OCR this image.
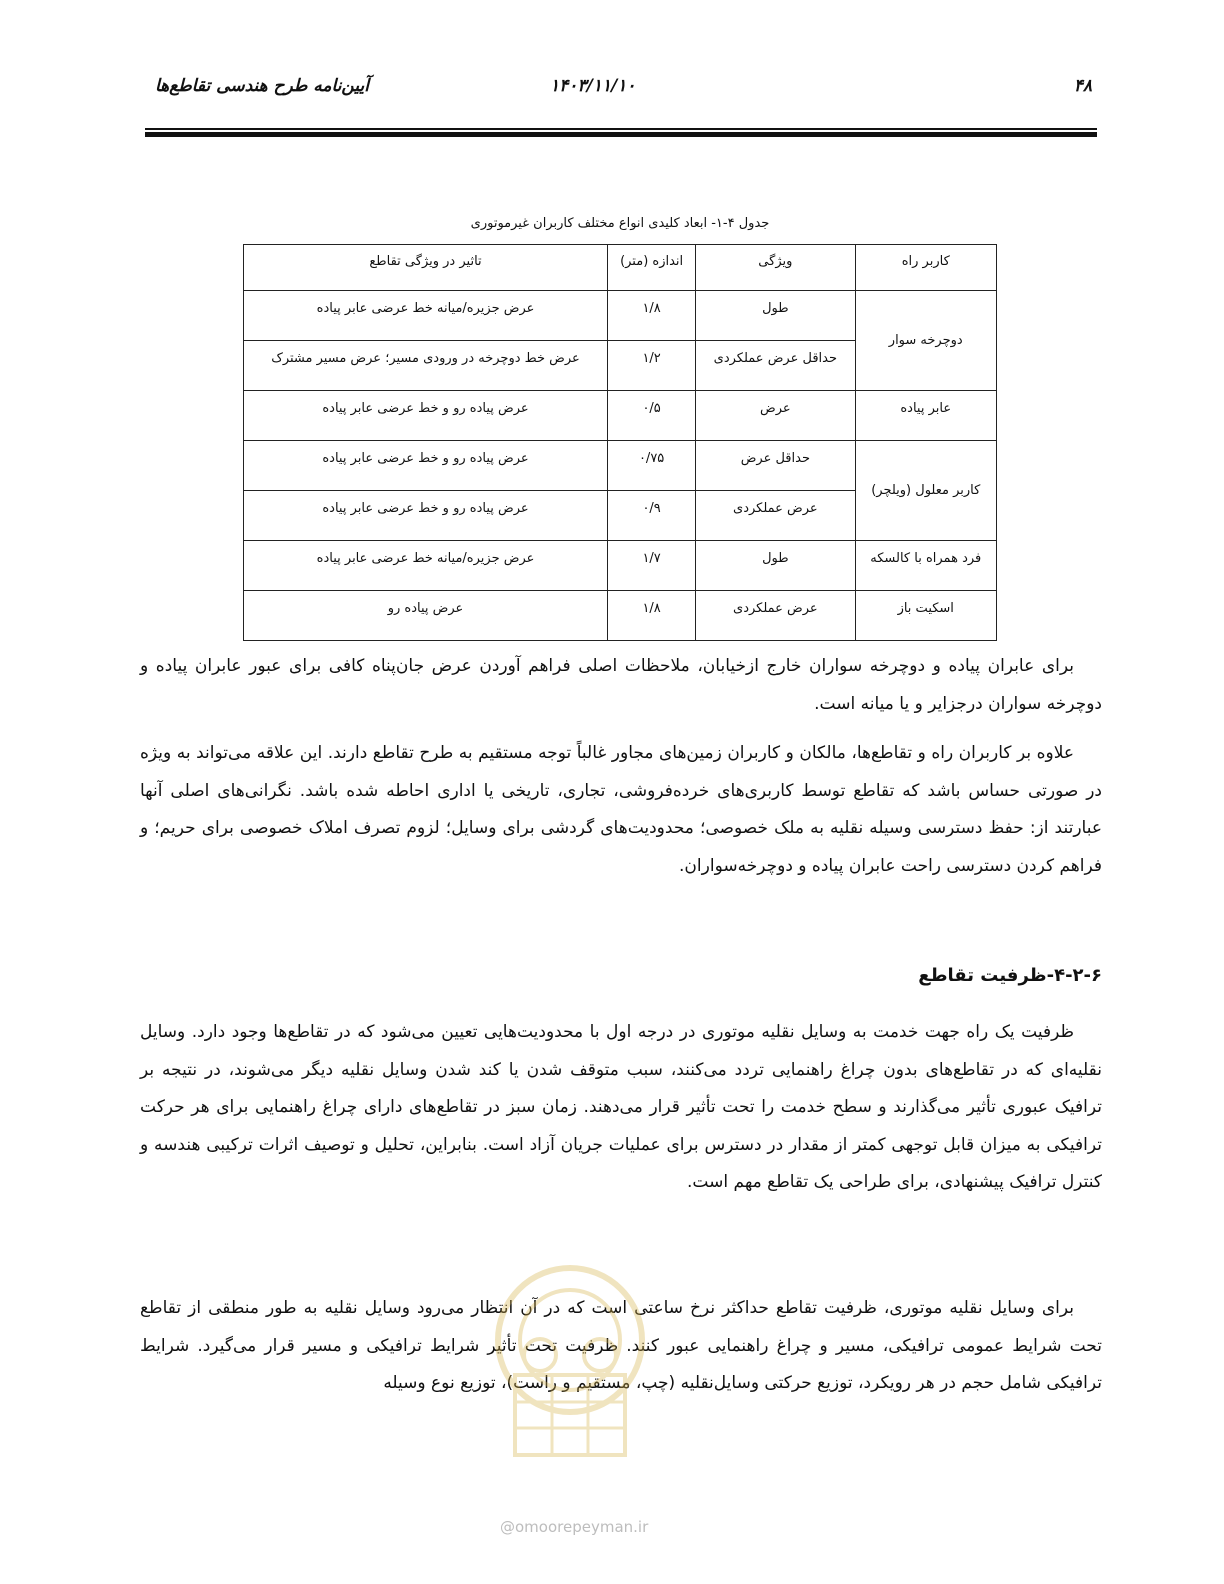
آیین‌نامه طرح هندسی تقاطع‌ها	۱۴۰۳/۱۱/۱۰	۴۸
جدول ۴-۱- ابعاد کلیدی انواع مختلف کاربران غیرموتوری
کاربر راه	ویژگی	اندازه (متر)	تاثیر در ویژگی تقاطع
دوچرخه سوار	طول	۱/۸	عرض جزیره/میانه خط عرضی عابر پیاده
	حداقل عرض عملکردی	۱/۲	عرض خط دوچرخه در ورودی مسیر؛ عرض مسیر مشترک
عابر پیاده	عرض	۰/۵	عرض پیاده رو و خط عرضی عابر پیاده
کاربر معلول (ویلچر)	حداقل عرض	۰/۷۵	عرض پیاده رو و خط عرضی عابر پیاده
	عرض عملکردی	۰/۹	عرض پیاده رو و خط عرضی عابر پیاده
فرد همراه با کالسکه	طول	۱/۷	عرض جزیره/میانه خط عرضی عابر پیاده
اسکیت باز	عرض عملکردی	۱/۸	عرض پیاده رو

برای عابران پیاده و دوچرخه سواران خارج ازخیابان، ملاحظات اصلی فراهم آوردن عرض جان‌پناه کافی برای عبور عابران پیاده و دوچرخه سواران درجزایر و یا میانه است.

علاوه بر کاربران راه و تقاطع‌ها، مالکان و کاربران زمین‌های مجاور غالباً توجه مستقیم به طرح تقاطع دارند. این علاقه می‌تواند به ویژه در صورتی حساس باشد که تقاطع توسط کاربری‌های خرده‌فروشی، تجاری، تاریخی یا اداری احاطه شده باشد. نگرانی‌های اصلی آنها عبارتند از: حفظ دسترسی وسیله نقلیه به ملک خصوصی؛ محدودیت‌های گردشی برای وسایل؛ لزوم تصرف املاک خصوصی برای حریم؛ و فراهم کردن دسترسی راحت عابران پیاده و دوچرخه‌سواران.

۴-۲-۶-ظرفیت تقاطع

ظرفیت یک راه جهت خدمت به وسایل نقلیه موتوری در درجه اول با محدودیت‌هایی تعیین می‌شود که در تقاطع‌ها وجود دارد. وسایل نقلیه‌ای که در تقاطع‌های بدون چراغ راهنمایی تردد می‌کنند، سبب متوقف شدن یا کند شدن وسایل نقلیه دیگر می‌شوند، در نتیجه بر ترافیک عبوری تأثیر می‌گذارند و سطح خدمت را تحت تأثیر قرار می‌دهند. زمان سبز در تقاطع‌های دارای چراغ راهنمایی برای هر حرکت ترافیکی به میزان قابل توجهی کمتر از مقدار در دسترس برای عملیات جریان آزاد است. بنابراین، تحلیل و توصیف اثرات ترکیبی هندسه و کنترل ترافیک پیشنهادی، برای طراحی یک تقاطع مهم است.

برای وسایل نقلیه موتوری، ظرفیت تقاطع حداکثر نرخ ساعتی است که در آن انتظار می‌رود وسایل نقلیه به طور منطقی از تقاطع تحت شرایط عمومی ترافیکی، مسیر و چراغ راهنمایی عبور کنند. ظرفیت تحت تأثیر شرایط ترافیکی و مسیر قرار می‌گیرد. شرایط ترافیکی شامل حجم در هر رویکرد، توزیع حرکتی وسایل‌نقلیه (چپ، مستقیم و راست)، توزیع نوع وسیله

@omoorepeyman.ir
